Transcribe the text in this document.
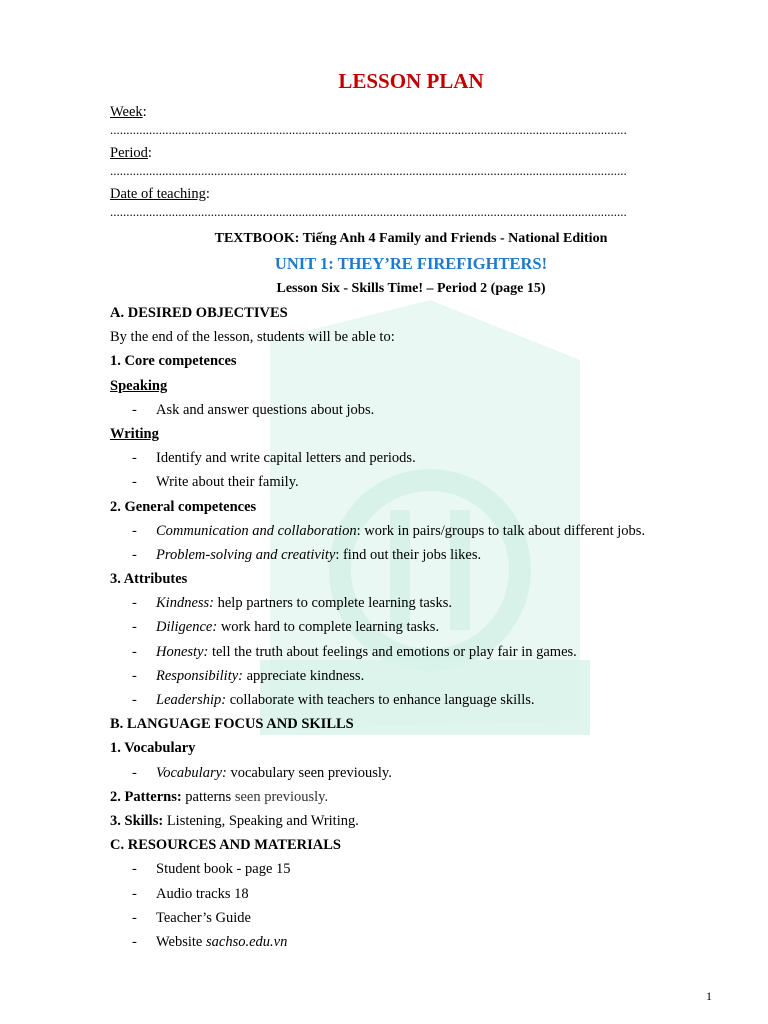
LESSON PLAN
Week:
...............................................................................................................................................................
Period:
...............................................................................................................................................................
Date of teaching:
...............................................................................................................................................................
TEXTBOOK: Tiếng Anh 4 Family and Friends - National Edition
UNIT 1: THEY’RE FIREFIGHTERS!
Lesson Six - Skills Time! – Period 2 (page 15)
A. DESIRED OBJECTIVES
By the end of the lesson, students will be able to:
1. Core competences
Speaking
- Ask and answer questions about jobs.
Writing
- Identify and write capital letters and periods.
- Write about their family.
2. General competences
- Communication and collaboration: work in pairs/groups to talk about different jobs.
- Problem-solving and creativity: find out their jobs likes.
3. Attributes
- Kindness: help partners to complete learning tasks.
- Diligence: work hard to complete learning tasks.
- Honesty: tell the truth about feelings and emotions or play fair in games.
- Responsibility: appreciate kindness.
- Leadership: collaborate with teachers to enhance language skills.
B. LANGUAGE FOCUS AND SKILLS
1. Vocabulary
- Vocabulary: vocabulary seen previously.
2. Patterns: patterns seen previously.
3. Skills: Listening, Speaking and Writing.
C. RESOURCES AND MATERIALS
- Student book - page 15
- Audio tracks 18
- Teacher’s Guide
- Website sachso.edu.vn
1
